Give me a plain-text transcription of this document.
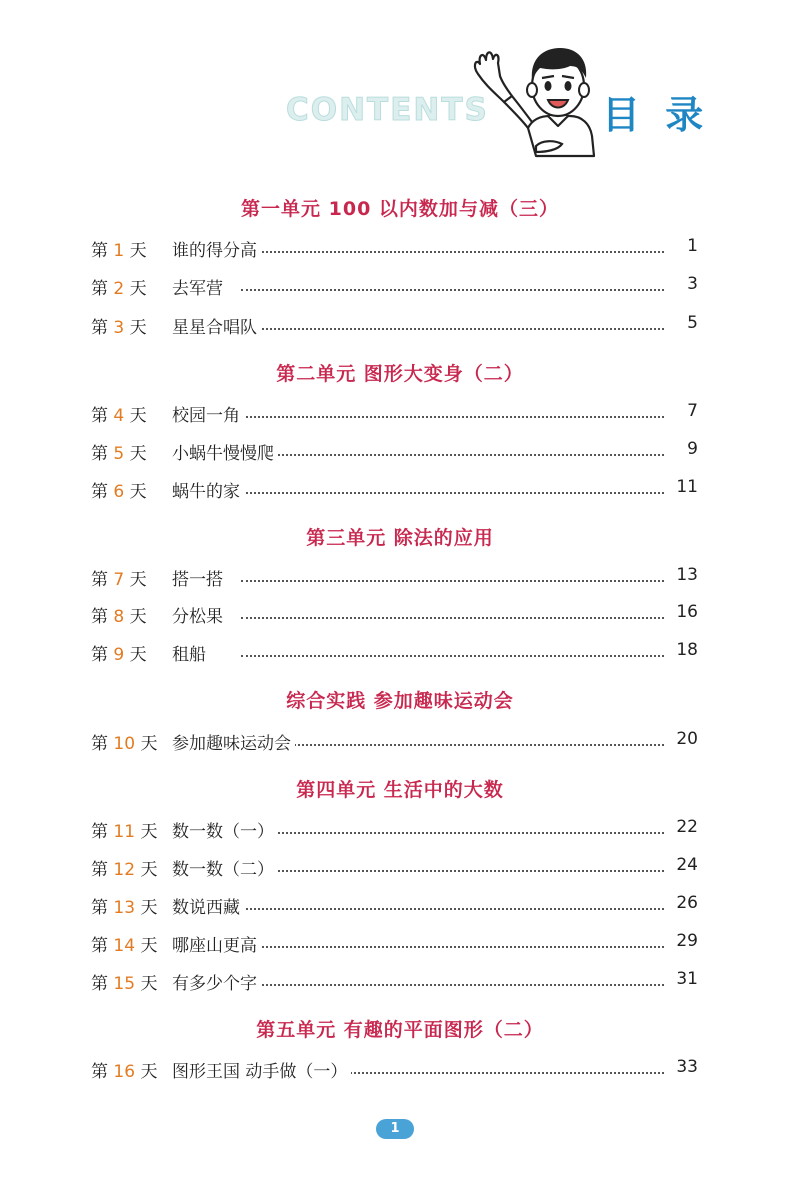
CONTENTS	目 录
第一单元 100 以内数加与减（三）
第 1 天 谁的得分高	1
第 2 天 去军营	3
第 3 天 星星合唱队	5
第二单元 图形大变身（二）
第 4 天 校园一角	7
第 5 天 小蜗牛慢慢爬	9
第 6 天 蜗牛的家	11
第三单元 除法的应用
第 7 天 搭一搭	13
第 8 天 分松果	16
第 9 天 租船	18
综合实践 参加趣味运动会
第 10 天 参加趣味运动会	20
第四单元 生活中的大数
第 11 天 数一数（一）	22
第 12 天 数一数（二）	24
第 13 天 数说西藏	26
第 14 天 哪座山更高	29
第 15 天 有多少个字	31
第五单元 有趣的平面图形（二）
第 16 天 图形王国 动手做（一）	33
1
